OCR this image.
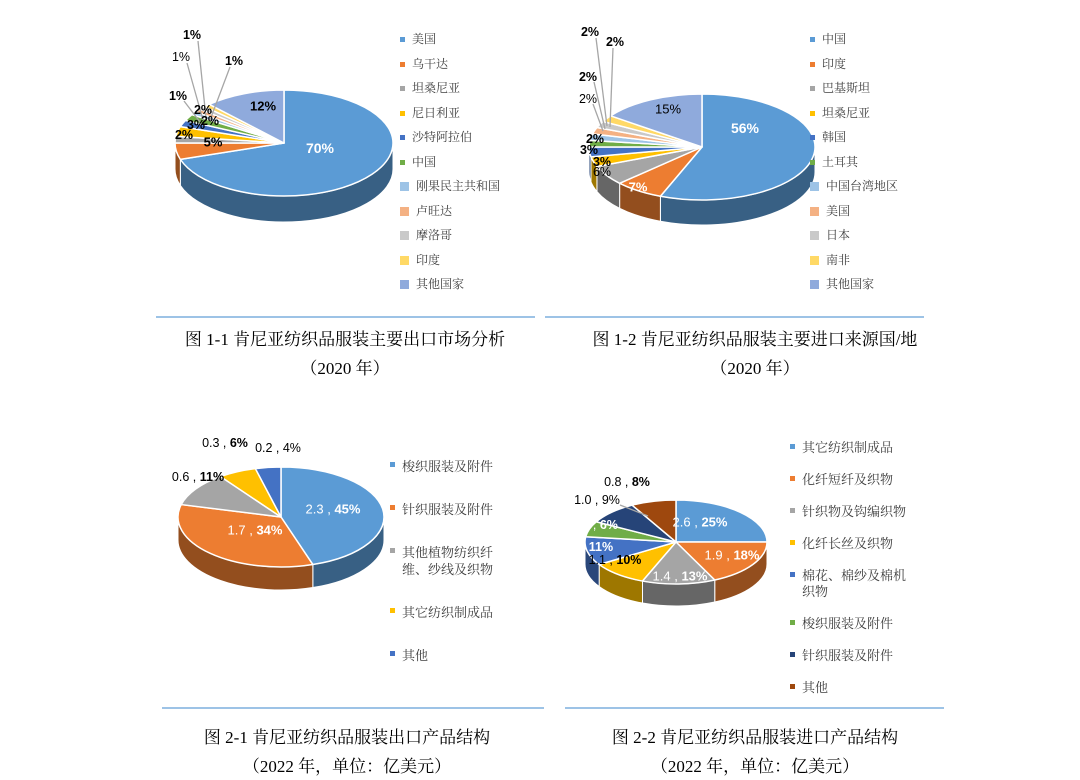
70%
12%
5%
2%
3%
2%
2%
1%
1%
1%
1%
美国
乌干达
坦桑尼亚
尼日利亚
沙特阿拉伯
中国
刚果民主共和国
卢旺达
摩洛哥
印度
其他国家
56%
7%
15%
6%
3%
3%
2%
2%
2%
2%
2%	中国
印度
巴基斯坦
坦桑尼亚
韩国
土耳其
中国台湾地区
美国
日本
南非
其他国家
2.3 , 45%
1.7 , 34%
0.6 , 11%
0.3 , 6% 0.2 , 4%
梭织服装及附件
针织服装及附件
其他植物纺织纤维、纱线及织物
其它纺织制成品
其他
2.6 , 25%
1.9 , 18%
1.4 , 13%
1.1 , 10%
1.1 , 11%
0.6 , 6%
1.0 , 9%
0.8 , 8%
其它纺织制成品
化纤短纤及织物
针织物及钩编织物
化纤长丝及织物
棉花、棉纱及棉机织物
梭织服装及附件
针织服装及附件
其他
图 1-1 肯尼亚纺织品服装主要出口市场分析
（2020 年）
图 1-2 肯尼亚纺织品服装主要进口来源国/地
（2020 年）
图 2-1 肯尼亚纺织品服装出口产品结构
（2022 年，单位：亿美元）
图 2-2 肯尼亚纺织品服装进口产品结构
（2022 年，单位：亿美元）
